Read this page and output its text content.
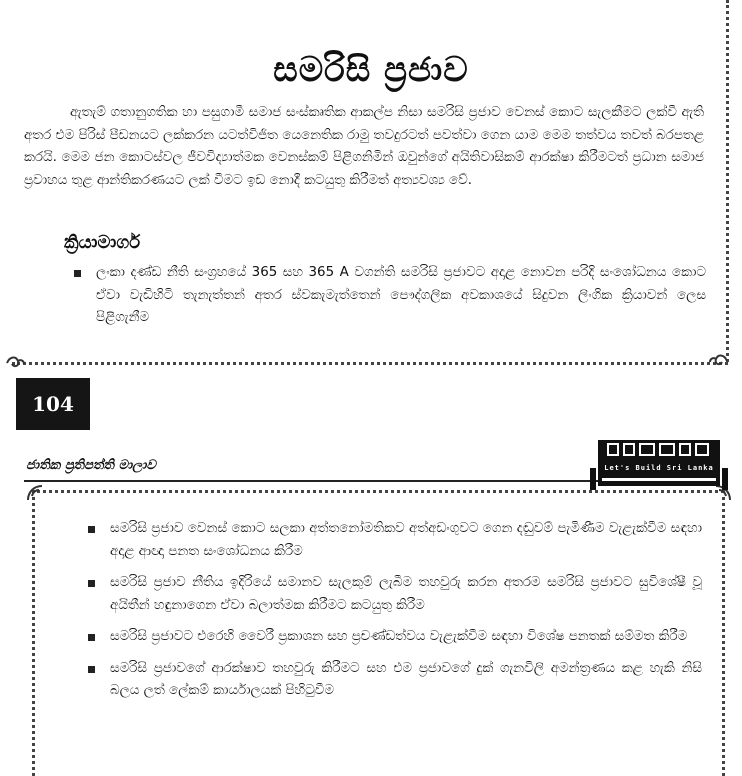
සමරිසි ප්‍රජාව

ඇතැම් ගතානුගතික හා පසුගාමී සමාජ සංස්කෘතික ආකල්ප නිසා සමරිසි ප්‍රජාව වෙනස් කොට සැලකීමට ලක්වී ඇති අතර එම පිරිස් පීඩනයට ලක්කරන යටත්විජිත යෙනෙතික රාමු තවදුරටත් පවත්වා ගෙන යාම මෙම තත්වය තවත් බරපතළ කරයි. මෙම ජන කොටස්වල ජීවවිද්‍යාත්මක වෙනස්කම් පිළිගනිමින් ඔවුන්ගේ අයිතිවාසිකම් ආරක්ෂා කිරීමටත් ප්‍රධාන සමාජ ප්‍රවාහය තුළ ආන්තිකරණයට ලක් වීමට ඉඩ නොදී කටයුතු කිරීමත් අත්‍යවශ්‍ය වේ.

ක්‍රියාමාර්ග
ලංකා දණ්ඩ නීති සංග්‍රහයේ 365 සහ 365 A වගන්ති සමරිසි ප්‍රජාවට අදාළ නොවන පරිදි සංශෝධනය කොට ඒවා වැඩිහිටි තැනැත්තන් අතර ස්වකැමැත්තෙන් පෞද්ගලික අවකාශයේ සිදුවන ලිංගික ක්‍රියාවන් ලෙස පිළිගැනීම
104
ජාතික ප්‍රතිපත්ති මාලාව	Let's Build Sri Lanka
සමරිසි ප්‍රජාව වෙනස් කොට සලකා අත්තනෝමතිකව අත්අඩංගුවට ගෙන දඬුවම් පැමිණීම වැළැක්වීම සඳහා අදාළ ආඥා පනත සංශෝධනය කිරීම
සමරිසි ප්‍රජාව නීතිය ඉදිරියේ සමානව සැලකුම් ලැබීම තහවුරු කරන අතරම සමරිසි ප්‍රජාවට සුවිශේෂී වූ අයිතීන් හඳුනාගෙන ඒවා බලාත්මක කිරීමට කටයුතු කිරීම
සමරිසි ප්‍රජාවට එරෙහි වෛරී ප්‍රකාශන සහ ප්‍රචණ්ඩත්වය වැළැක්වීම සඳහා විශේෂ පනතක් සම්මත කිරීම
සමරිසි ප්‍රජාවගේ ආරක්ෂාව තහවුරු කිරීමට සහ එම ප්‍රජාවගේ දුක් ගැනවිලි අමන්ත්‍රණය කළ හැකි නිසි බලය ලත් ලේකම් කාර්යාලයක් පිහිටුවීම
